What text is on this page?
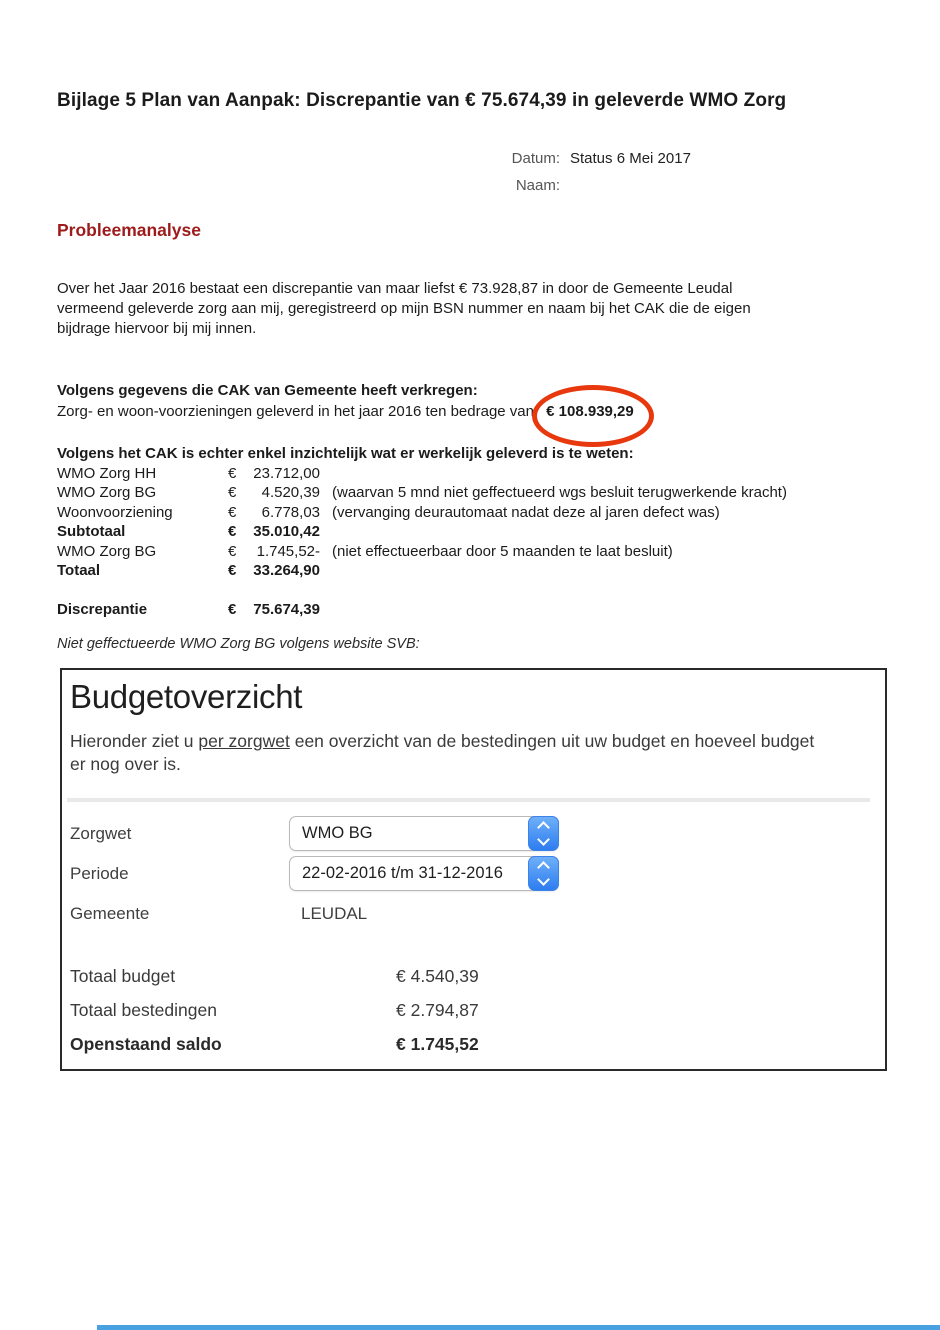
Bijlage 5 Plan van Aanpak: Discrepantie van € 75.674,39 in geleverde WMO Zorg
Datum: Status 6 Mei 2017
Naam:
Probleemanalyse
Over het Jaar 2016 bestaat een discrepantie van maar liefst € 73.928,87 in door de Gemeente Leudal
vermeend geleverde zorg aan mij, geregistreerd op mijn BSN nummer en naam bij het CAK die de eigen
bijdrage hiervoor bij mij innen.
Volgens gegevens die CAK van Gemeente heeft verkregen:
Zorg- en woon-voorzieningen geleverd in het jaar 2016 ten bedrage van € 108.939,29
Volgens het CAK is echter enkel inzichtelijk wat er werkelijk geleverd is te weten:
WMO Zorg HH	€	23.712,00
WMO Zorg BG	€	4.520,39 (waarvan 5 mnd niet geffectueerd wgs besluit terugwerkende kracht)
Woonvoorziening	€	6.778,03 (vervanging deurautomaat nadat deze al jaren defect was)
Subtotaal	€	35.010,42
WMO Zorg BG	€	1.745,52- (niet effectueerbaar door 5 maanden te laat besluit)
Totaal	€	33.264,90
Discrepantie	€	75.674,39
Niet geffectueerde WMO Zorg BG volgens website SVB:
Budgetoverzicht
Hieronder ziet u per zorgwet een overzicht van de bestedingen uit uw budget en hoeveel budget
er nog over is.
Zorgwet	WMO BG
Periode	22-02-2016 t/m 31-12-2016
Gemeente	LEUDAL
Totaal budget	€ 4.540,39
Totaal bestedingen	€ 2.794,87
Openstaand saldo	€ 1.745,52
